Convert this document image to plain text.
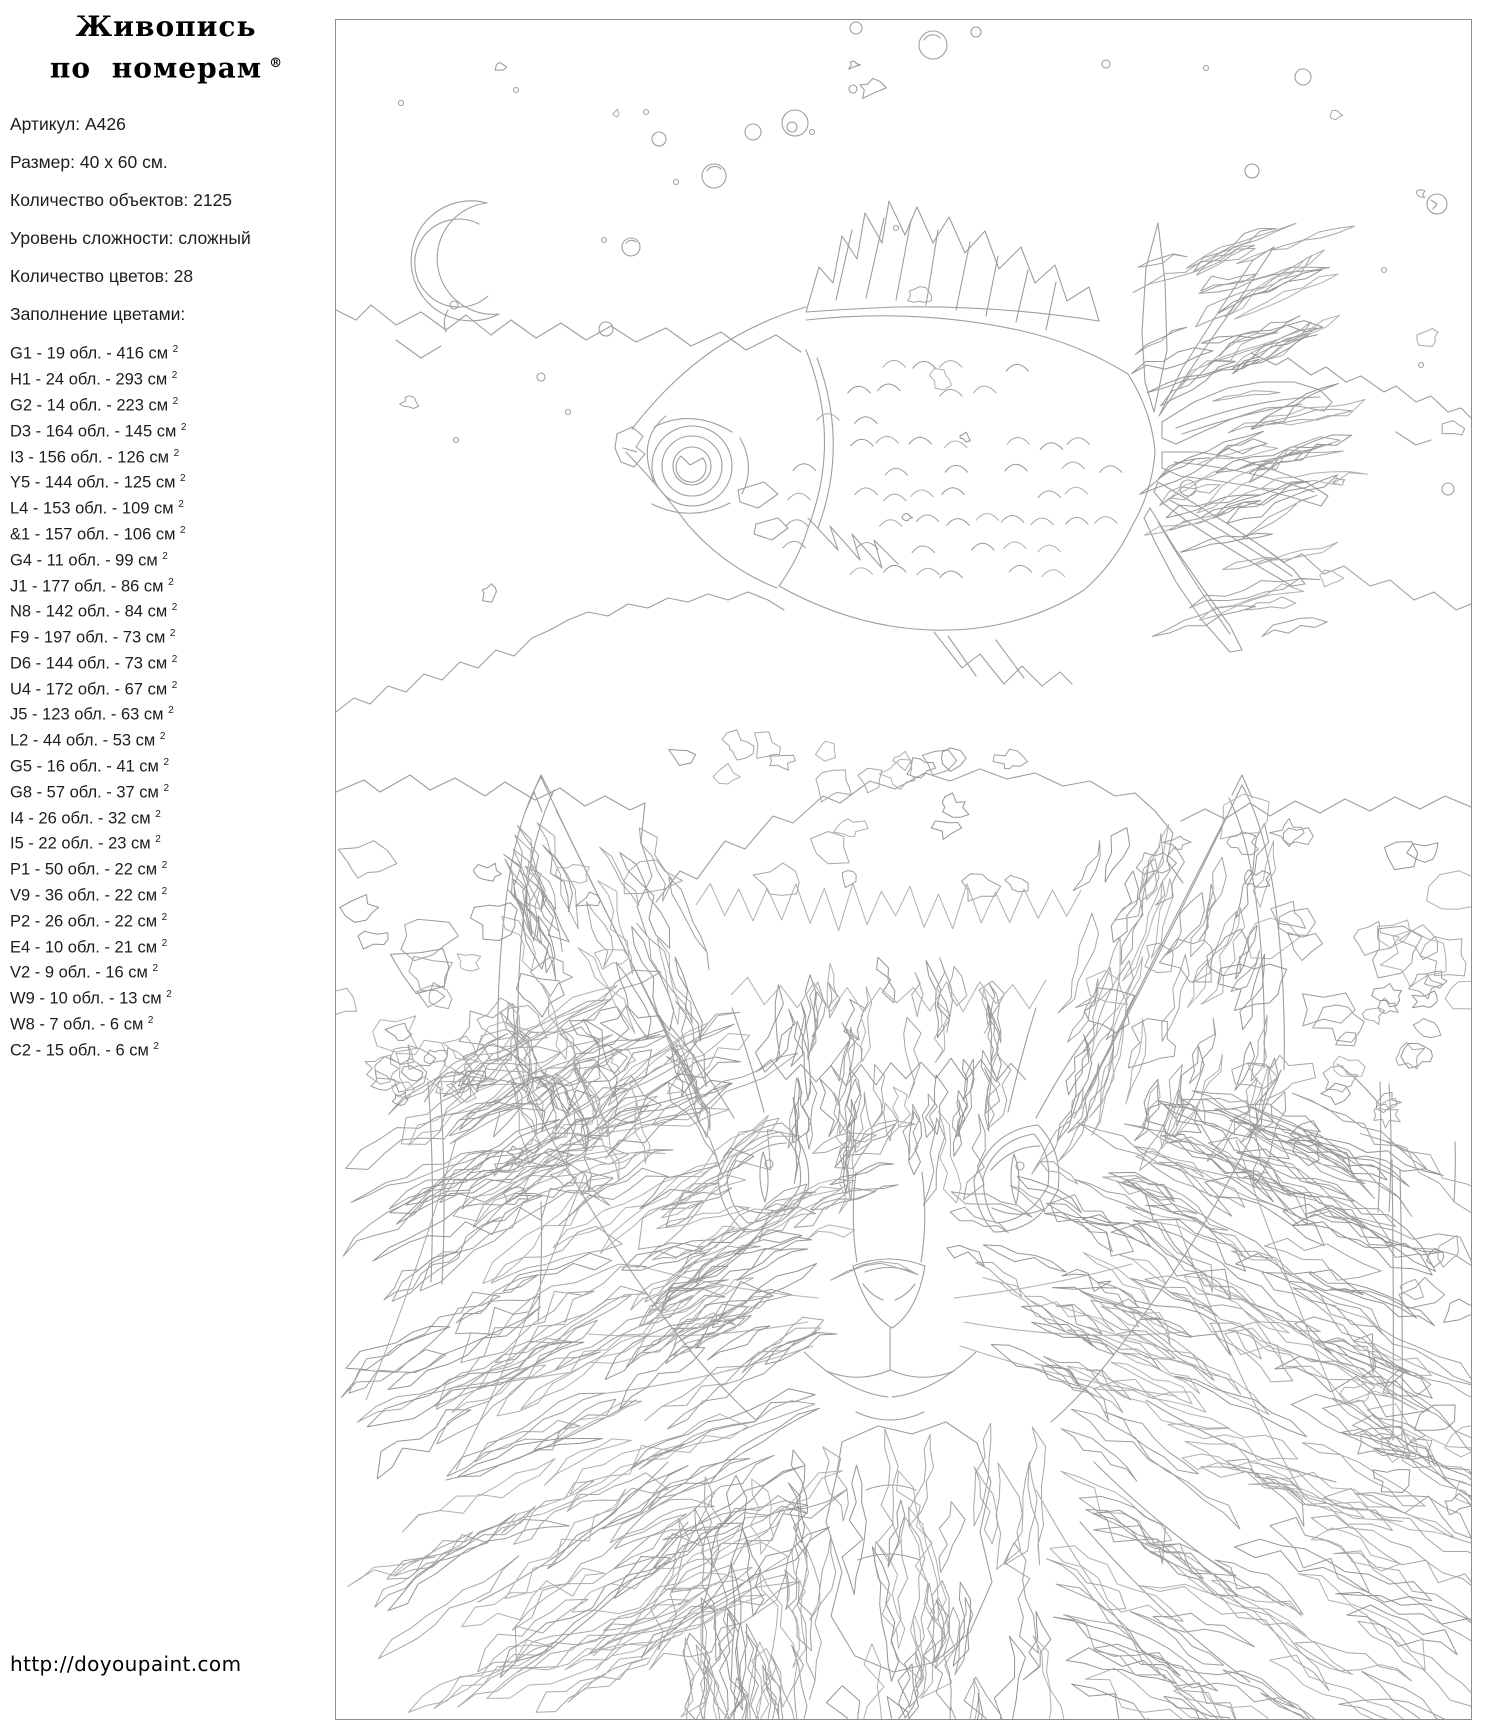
Живопись
по номерам ®
Артикул: A426
Размер: 40 x 60 см.
Количество объектов: 2125
Уровень сложности: сложный
Количество цветов: 28
Заполнение цветами:
G1 - 19 обл. - 416 см $^2$
H1 - 24 обл. - 293 см $^2$
G2 - 14 обл. - 223 см $^2$
D3 - 164 обл. - 145 см $^2$
I3 - 156 обл. - 126 см $^2$
Y5 - 144 обл. - 125 см $^2$
L4 - 153 обл. - 109 см $^2$
&1 - 157 обл. - 106 см $^2$
G4 - 11 обл. - 99 см $^2$
J1 - 177 обл. - 86 см $^2$
N8 - 142 обл. - 84 см $^2$
F9 - 197 обл. - 73 см $^2$
D6 - 144 обл. - 73 см $^2$
U4 - 172 обл. - 67 см $^2$
J5 - 123 обл. - 63 см $^2$
L2 - 44 обл. - 53 см $^2$
G5 - 16 обл. - 41 см $^2$
G8 - 57 обл. - 37 см $^2$
I4 - 26 обл. - 32 см $^2$
I5 - 22 обл. - 23 см $^2$
P1 - 50 обл. - 22 см $^2$
V9 - 36 обл. - 22 см $^2$
P2 - 26 обл. - 22 см $^2$
E4 - 10 обл. - 21 см $^2$
V2 - 9 обл. - 16 см $^2$
W9 - 10 обл. - 13 см $^2$
W8 - 7 обл. - 6 см $^2$
C2 - 15 обл. - 6 см $^2$
http://doyoupaint.com
